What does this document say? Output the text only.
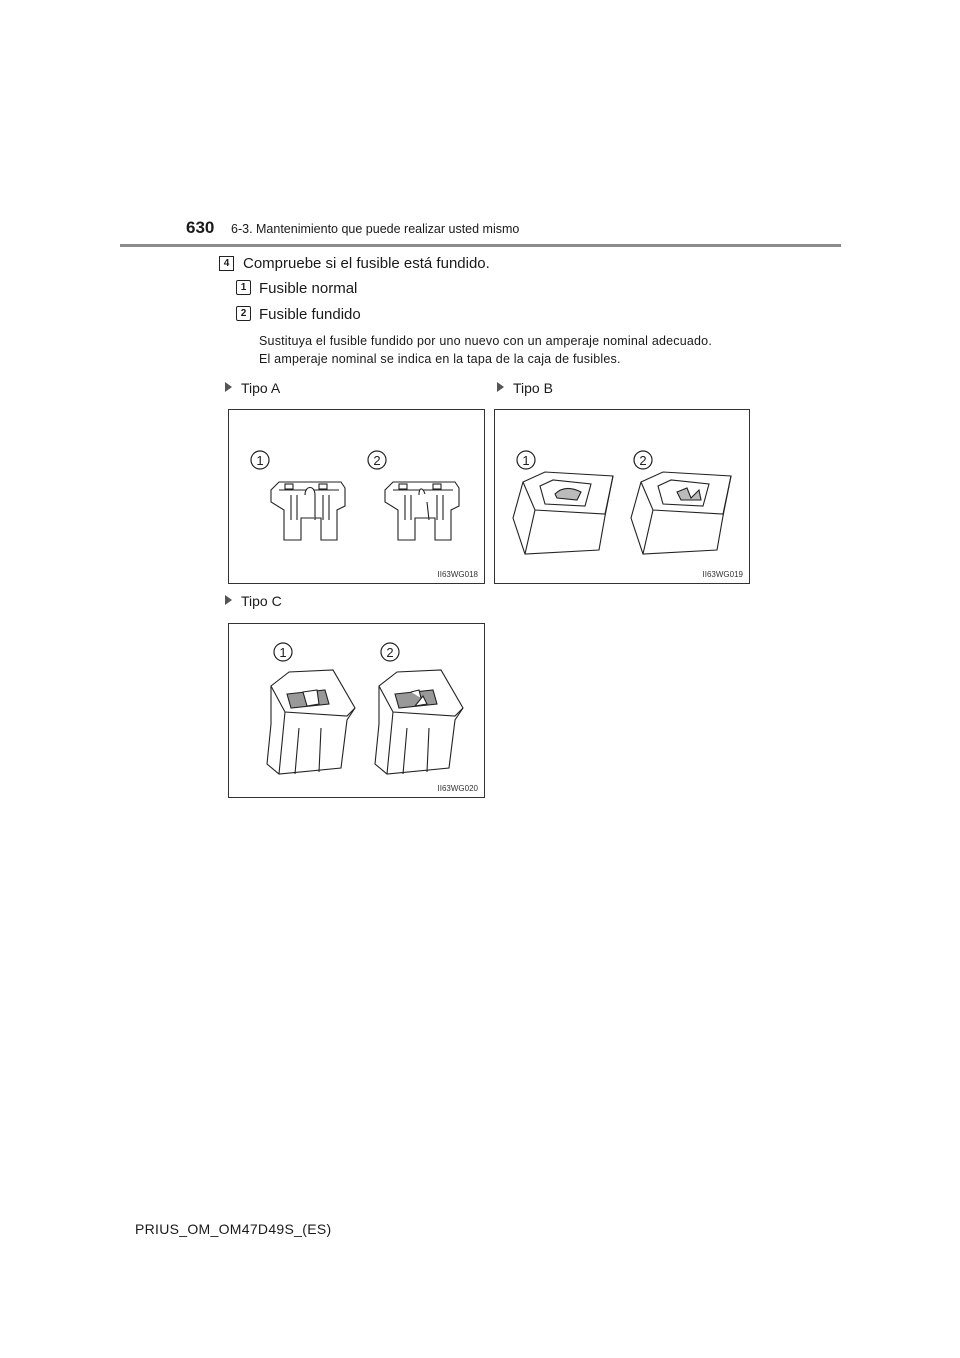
630 6-3. Mantenimiento que puede realizar usted mismo
4 Compruebe si el fusible está fundido.
1 Fusible normal
2 Fusible fundido
Sustituya el fusible fundido por uno nuevo con un amperaje nominal adecuado.
El amperaje nominal se indica en la tapa de la caja de fusibles.
Tipo A	Tipo B
Tipo C
1	2
II63WG018
1	2
II63WG019
1	2
II63WG020
PRIUS_OM_OM47D49S_(ES)
